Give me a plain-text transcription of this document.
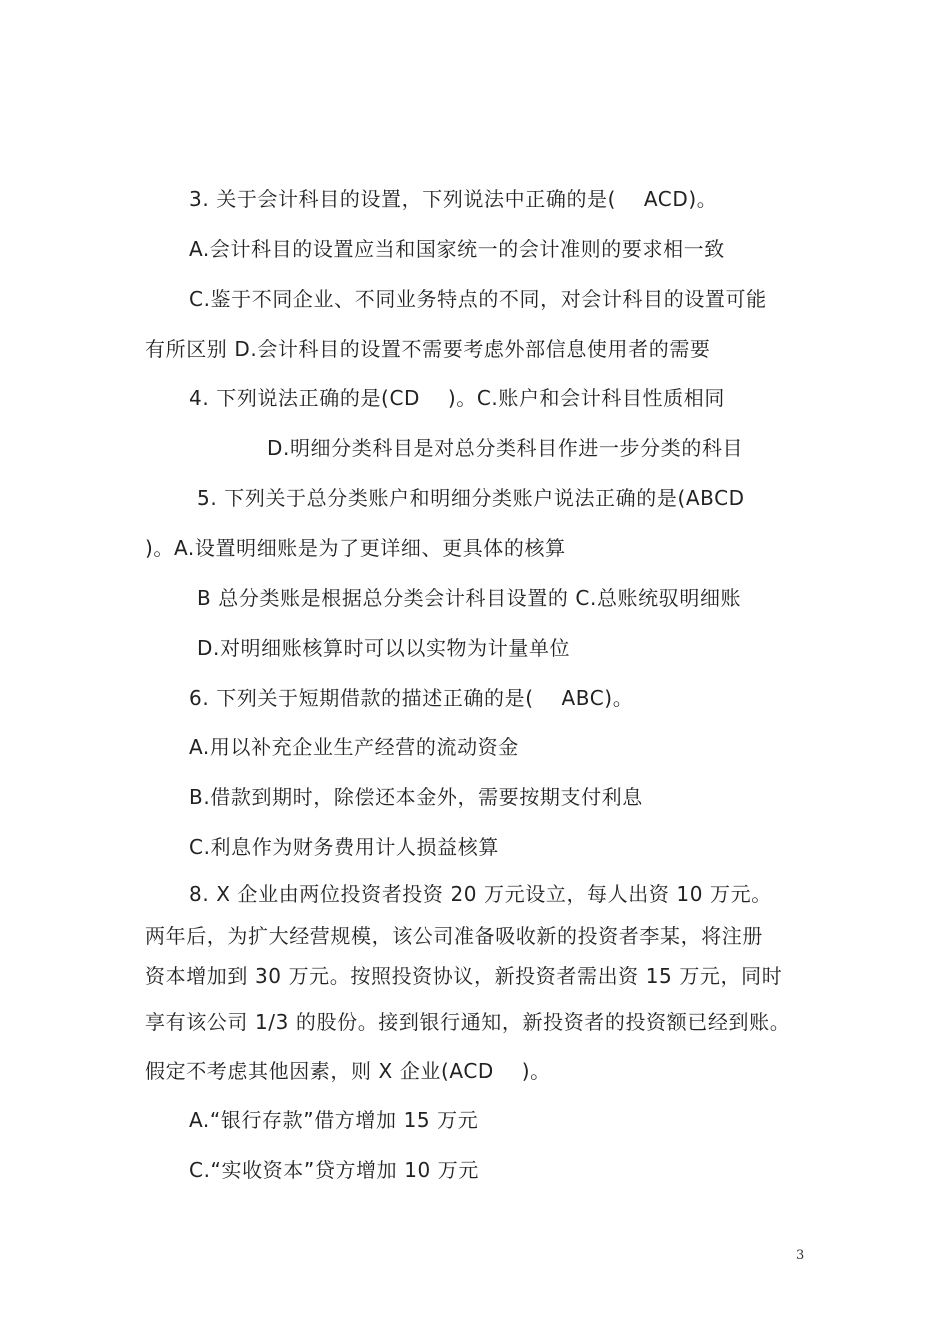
3. 关于会计科目的设置，下列说法中正确的是(    ACD)。
A.会计科目的设置应当和国家统一的会计准则的要求相一致
C.鉴于不同企业、不同业务特点的不同，对会计科目的设置可能
有所区别 D.会计科目的设置不需要考虑外部信息使用者的需要
4. 下列说法正确的是(CD    )。C.账户和会计科目性质相同
D.明细分类科目是对总分类科目作进一步分类的科目
5. 下列关于总分类账户和明细分类账户说法正确的是(ABCD
)。A.设置明细账是为了更详细、更具体的核算
B 总分类账是根据总分类会计科目设置的 C.总账统驭明细账
D.对明细账核算时可以以实物为计量单位
6. 下列关于短期借款的描述正确的是(    ABC)。
A.用以补充企业生产经营的流动资金
B.借款到期时，除偿还本金外，需要按期支付利息
C.利息作为财务费用计人损益核算
8. X 企业由两位投资者投资 20 万元设立，每人出资 10 万元。
两年后，为扩大经营规模，该公司准备吸收新的投资者李某，将注册
资本增加到 30 万元。按照投资协议，新投资者需出资 15 万元，同时
享有该公司 1/3 的股份。接到银行通知，新投资者的投资额已经到账。
假定不考虑其他因素，则 X 企业(ACD    )。
A.“银行存款”借方增加 15 万元
C.“实收资本”贷方增加 10 万元
3
